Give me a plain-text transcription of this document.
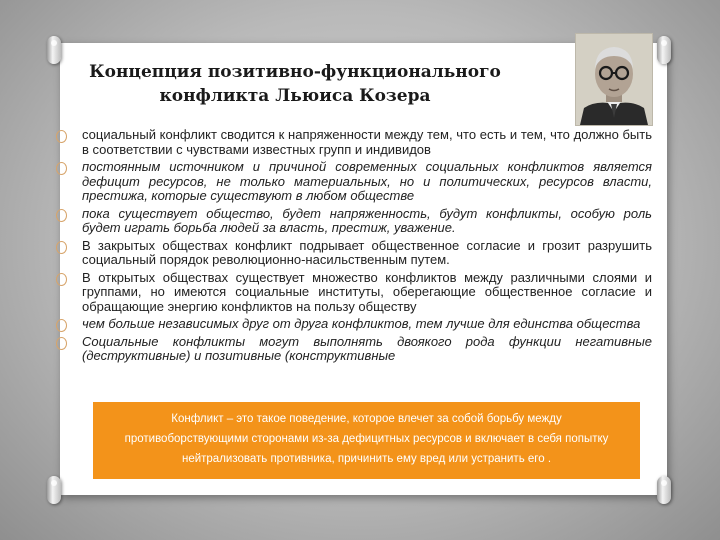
Концепция позитивно-функционального
конфликта Льюиса Козера
социальный конфликт сводится к напряженности между тем, что есть и тем, что должно быть в соответствии с чувствами известных групп и индивидов
постоянным источником и причиной современных социальных конфликтов является дефицит ресурсов, не только материальных, но и политических, ресурсов власти, престижа, которые существуют в любом обществе
пока существует общество, будет напряженность, будут конфликты, особую роль будет играть борьба людей за власть, престиж, уважение.
В закрытых обществах конфликт подрывает общественное согласие и грозит разрушить социальный порядок революционно-насильственным путем.
В открытых обществах существует множество конфликтов между различными слоями и группами, но имеются социальные институты, оберегающие общественное согласие и обращающие энергию конфликтов на пользу обществу
чем больше независимых друг от друга конфликтов, тем лучше для единства общества
Социальные конфликты могут выполнять двоякого рода функции негативные (деструктивные) и позитивные (конструктивные
Конфликт – это такое поведение, которое влечет за собой борьбу между противоборствующими сторонами из-за дефицитных ресурсов и включает в себя попытку нейтрализовать противника, причинить ему вред или устранить его .
